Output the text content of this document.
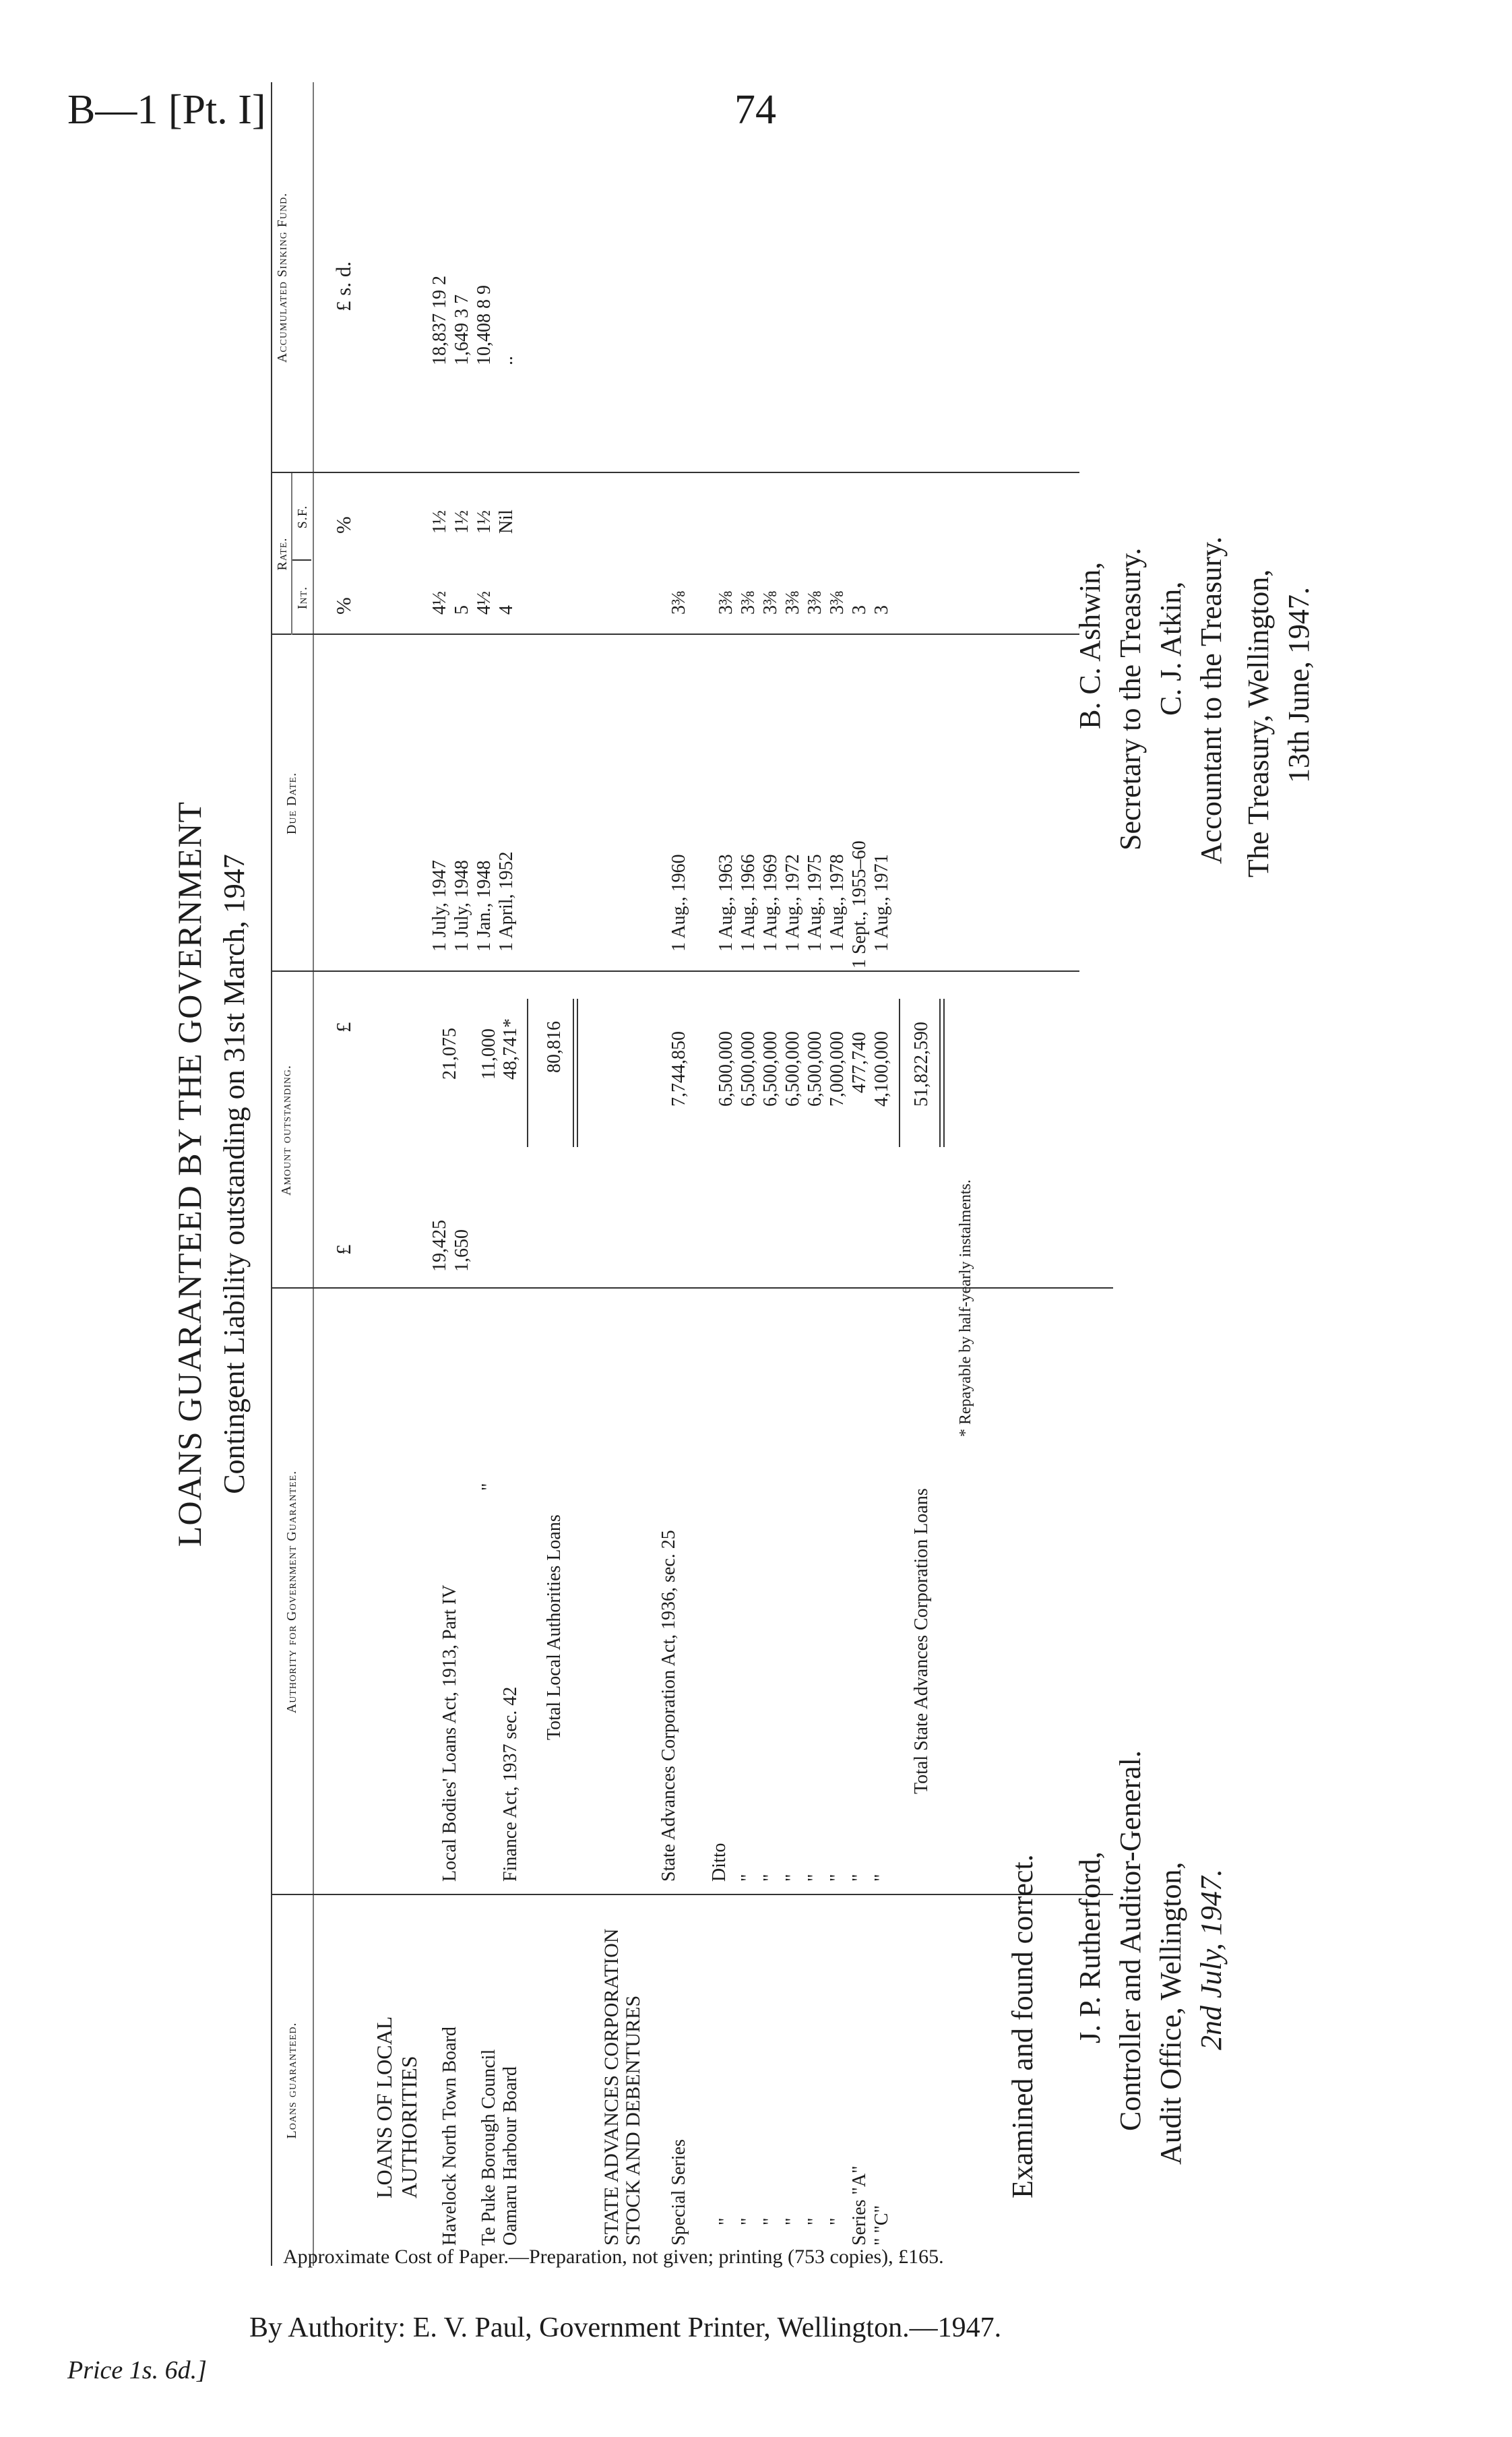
B—1 [Pt. I]	74
LOANS GUARANTEED BY THE GOVERNMENT Contingent Liability outstanding on 31st March, 1947
Loans guaranteed.
Authority for Government Guarantee.
Amount outstanding.
Due Date.
Rate.
Int.
S.F.
Accumulated Sinking Fund.
£
£
%
%
£ s. d.
LOANS OF LOCAL AUTHORITIES Havelock North Town Board
Local Bodies' Loans Act, 1913, Part IV
19,425 1,650
21,075
1 July, 1947 1 July, 1948
4½ 5
1½ 1½
18,837 19 2 1,649 3 7
Te Puke Borough Council
"
11,000
1 Jan., 1948
4½
1½
10,408 8 9
Oamaru Harbour Board
Finance Act, 1937 sec. 42
48,741*
1 April, 1952
4
Nil
..
Total Local Authorities Loans
80,816
STATE ADVANCES CORPORATION STOCK AND DEBENTURES Special Series
State Advances Corporation Act, 1936, sec. 25
7,744,850
1 Aug., 1960
3⅜
"
Ditto
6,500,000
1 Aug., 1963
3⅜
"
"
6,500,000
1 Aug., 1966
3⅜
"
"
6,500,000
1 Aug., 1969
3⅜
"
"
6,500,000
1 Aug., 1972
3⅜
"
"
6,500,000
1 Aug., 1975
3⅜
"
"
7,000,000
1 Aug., 1978
3⅜
Series "A"
"
477,740
1 Sept., 1955–60
3
" "C"
"
4,100,000
1 Aug., 1971
3
Total State Advances Corporation Loans
51,822,590
* Repayable by half-yearly instalments.
Examined and found correct. J. P. Rutherford, Controller and Auditor-General. Audit Office, Wellington, 2nd July, 1947.
B. C. Ashwin, Secretary to the Treasury. C. J. Atkin, Accountant to the Treasury. The Treasury, Wellington, 13th June, 1947.
Approximate Cost of Paper.—Preparation, not given; printing (753 copies), £165.
By Authority: E. V. Paul, Government Printer, Wellington.—1947.
Price 1s. 6d.]
